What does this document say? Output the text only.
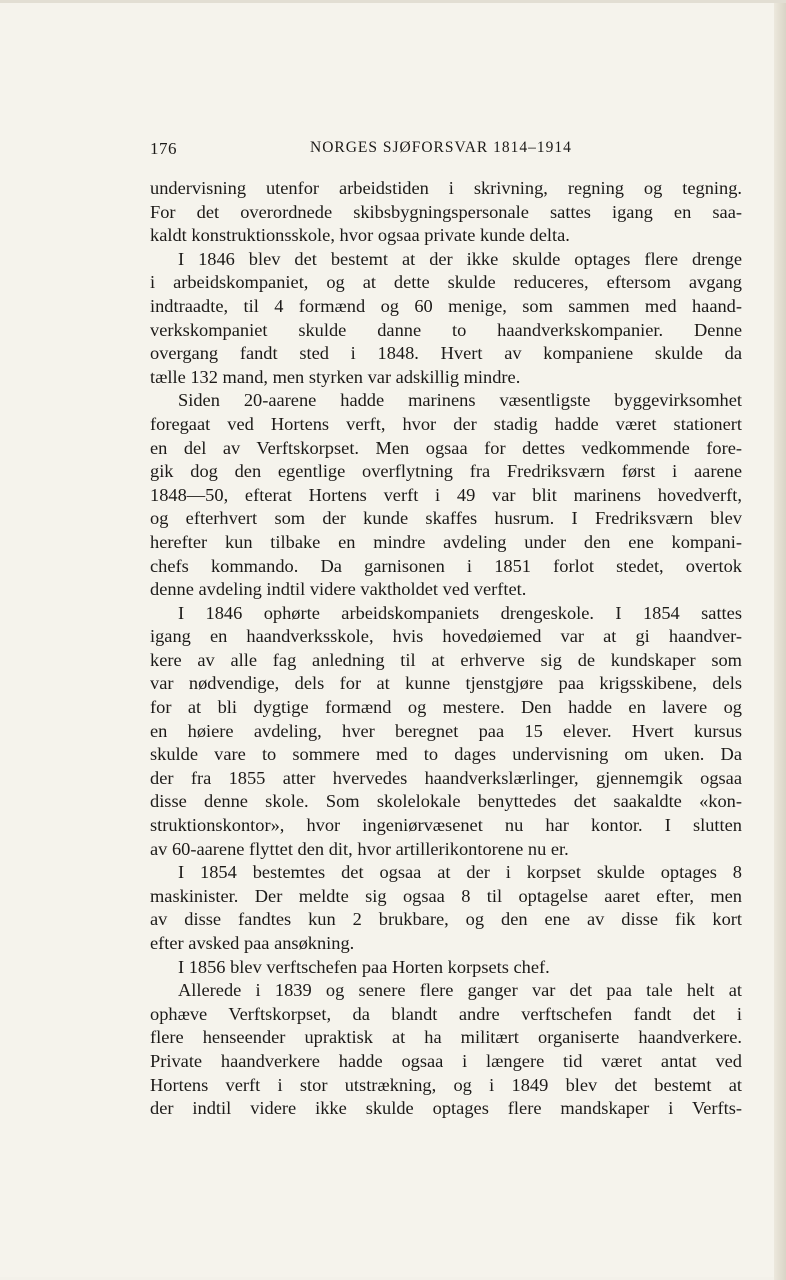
176	NORGES SJØFORSVAR 1814–1914
undervisning utenfor arbeidstiden i skrivning, regning og tegning.
For det overordnede skibsbygningspersonale sattes igang en saa-
kaldt konstruktionsskole, hvor ogsaa private kunde delta.
I 1846 blev det bestemt at der ikke skulde optages flere drenge
i arbeidskompaniet, og at dette skulde reduceres, eftersom avgang
indtraadte, til 4 formænd og 60 menige, som sammen med haand-
verkskompaniet skulde danne to haandverkskompanier. Denne
overgang fandt sted i 1848. Hvert av kompaniene skulde da
tælle 132 mand, men styrken var adskillig mindre.
Siden 20-aarene hadde marinens væsentligste byggevirksomhet
foregaat ved Hortens verft, hvor der stadig hadde været stationert
en del av Verftskorpset. Men ogsaa for dettes vedkommende fore-
gik dog den egentlige overflytning fra Fredriksværn først i aarene
1848—50, efterat Hortens verft i 49 var blit marinens hovedverft,
og efterhvert som der kunde skaffes husrum. I Fredriksværn blev
herefter kun tilbake en mindre avdeling under den ene kompani-
chefs kommando. Da garnisonen i 1851 forlot stedet, overtok
denne avdeling indtil videre vaktholdet ved verftet.
I 1846 ophørte arbeidskompaniets drengeskole. I 1854 sattes
igang en haandverksskole, hvis hovedøiemed var at gi haandver-
kere av alle fag anledning til at erhverve sig de kundskaper som
var nødvendige, dels for at kunne tjenstgjøre paa krigsskibene, dels
for at bli dygtige formænd og mestere. Den hadde en lavere og
en høiere avdeling, hver beregnet paa 15 elever. Hvert kursus
skulde vare to sommere med to dages undervisning om uken. Da
der fra 1855 atter hvervedes haandverkslærlinger, gjennemgik ogsaa
disse denne skole. Som skolelokale benyttedes det saakaldte «kon-
struktionskontor», hvor ingeniørvæsenet nu har kontor. I slutten
av 60-aarene flyttet den dit, hvor artillerikontorene nu er.
I 1854 bestemtes det ogsaa at der i korpset skulde optages 8
maskinister. Der meldte sig ogsaa 8 til optagelse aaret efter, men
av disse fandtes kun 2 brukbare, og den ene av disse fik kort
efter avsked paa ansøkning.
I 1856 blev verftschefen paa Horten korpsets chef.
Allerede i 1839 og senere flere ganger var det paa tale helt at
ophæve Verftskorpset, da blandt andre verftschefen fandt det i
flere henseender upraktisk at ha militært organiserte haandverkere.
Private haandverkere hadde ogsaa i længere tid været antat ved
Hortens verft i stor utstrækning, og i 1849 blev det bestemt at
der indtil videre ikke skulde optages flere mandskaper i Verfts-
